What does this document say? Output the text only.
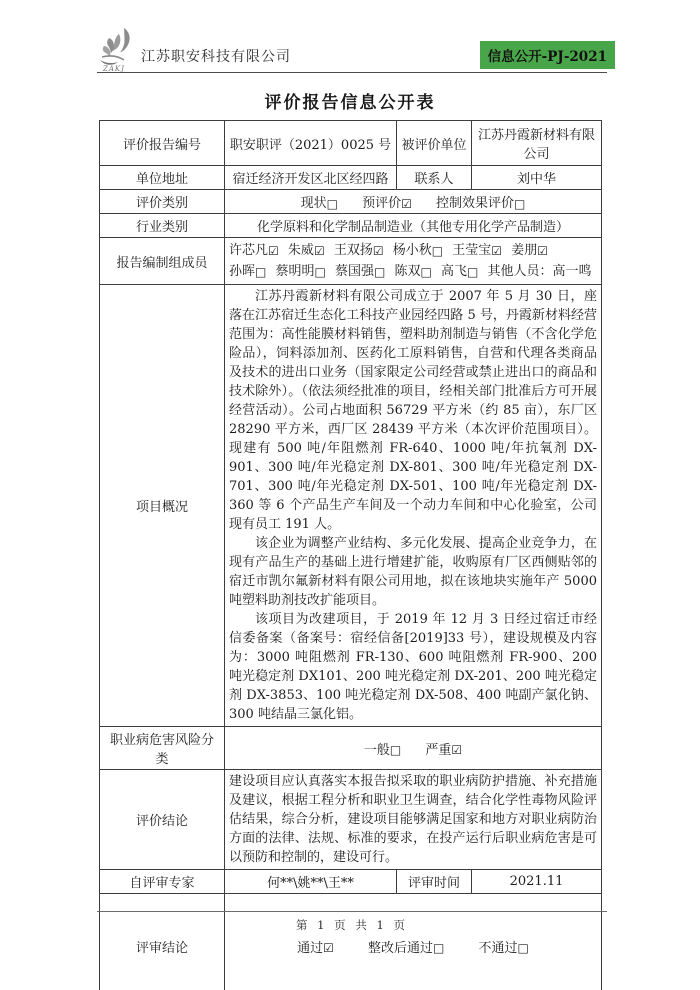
ZAKJ
江苏职安科技有限公司	信息公开-PJ-2021
评价报告信息公开表
评价报告编号	职安职评（2021）0025 号	被评价单位	江苏丹霞新材料有限公司
单位地址	宿迁经济开发区北区经四路	联系人	刘中华
评价类别	现状□ 预评价☑ 控制效果评价□		
行业类别	化学原料和化学制品制造业（其他专用化学产品制造）		
报告编制组成员	许芯凡☑ 朱威☑ 王双扬☑ 杨小秋□ 王莹宝☑ 姜朋☑ 孙晖□ 蔡明明□ 蔡国强□ 陈双□ 高飞□ 其他人员：高一鸣		
项目概况	江苏丹霞新材料有限公司成立于 2007 年 5 月 30 日，座落在江苏宿迁生态化工科技产业园经四路 5 号，丹霞新材料经营范围为：高性能膜材料销售，塑料助剂制造与销售（不含化学危险品），饲料添加剂、医药化工原料销售，自营和代理各类商品及技术的进出口业务（国家限定公司经营或禁止进出口的商品和技术除外）。（依法须经批准的项目，经相关部门批准后方可开展经营活动）。公司占地面积 56729 平方米（约 85 亩），东厂区 28290 平方米，西厂区 28439 平方米（本次评价范围项目）。现建有 500 吨/年阻燃剂 FR-640、1000 吨/年抗氧剂 DX-901、300 吨/年光稳定剂 DX-801、300 吨/年光稳定剂 DX-701、300 吨/年光稳定剂 DX-501、100 吨/年光稳定剂 DX-360 等 6 个产品生产车间及一个动力车间和中心化验室，公司现有员工 191 人。

该企业为调整产业结构、多元化发展、提高企业竞争力，在现有产品生产的基础上进行增建扩能，收购原有厂区西侧贴邻的宿迁市凯尔氟新材料有限公司用地，拟在该地块实施年产 5000 吨塑料助剂技改扩能项目。

该项目为改建项目，于 2019 年 12 月 3 日经过宿迁市经信委备案（备案号：宿经信备[2019]33 号），建设规模及内容为：3000 吨阻燃剂 FR-130、600 吨阻燃剂 FR-900、200 吨光稳定剂 DX101、200 吨光稳定剂 DX-201、200 吨光稳定剂 DX-3853、100 吨光稳定剂 DX-508、400 吨副产氯化钠、300 吨结晶三氯化铝。		

职业病危害风险分类	一般□ 严重☑		
评价结论	建设项目应认真落实本报告拟采取的职业病防护措施、补充措施及建议，根据工程分析和职业卫生调查，结合化学性毒物风险评估结果，综合分析，建设项目能够满足国家和地方对职业病防治方面的法律、法规、标准的要求，在投产运行后职业病危害是可以预防和控制的，建设可行。		
自评审专家	何**\姚**\王**	评审时间	2021.11
评审结论	通过☑ 整改后通过□ 不通过□		
第 1 页 共 1 页
